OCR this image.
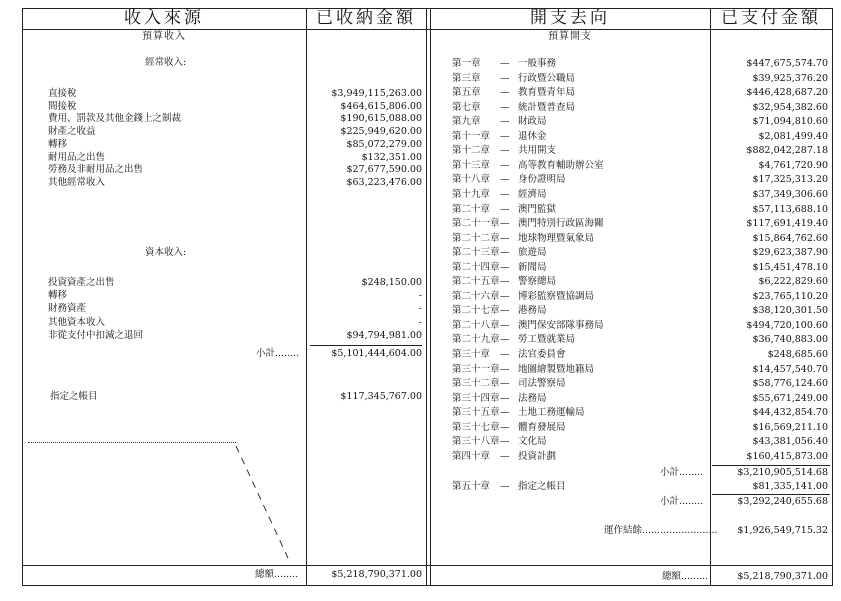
收入來源	已收納金額	開支去向	已支付金額
預算收入	預算開支
經常收入:
直接稅	$3,949,115,263.00
間接稅	$464,615,806.00
費用、罰款及其他金錢上之制裁	$190,615,088.00
財產之收益	$225,949,620.00
轉移	$85,072,279.00
耐用品之出售	$132,351.00
勞務及非耐用品之出售	$27,677,590.00
其他經常收入	$63,223,476.00
資本收入:
投資資產之出售	$248,150.00
轉移	-
財務資產	-
其他資本收入	-
非從支付中扣減之退回	$94,794,981.00
小計........	$5,101,444,604.00
指定之帳目	$117,345,767.00
總額........	$5,218,790,371.00
第一章 — 一般事務	$447,675,574.70
第三章 — 行政暨公職局	$39,925,376.20
第五章 — 教育暨青年局	$446,428,687.20
第七章 — 統計暨普查局	$32,954,382.60
第九章 — 財政局	$71,094,810.60
第十一章 — 退休金	$2,081,499.40
第十二章 — 共用開支	$882,042,287.18
第十三章 — 高等教育輔助辦公室	$4,761,720.90
第十八章 — 身份證明局	$17,325,313.20
第十九章 — 經濟局	$37,349,306.60
第二十章 — 澳門監獄	$57,113,688.10
第二十一章— 澳門特別行政區海關	$117,691,419.40
第二十二章— 地球物理暨氣象局	$15,864,762.60
第二十三章— 旅遊局	$29,623,387.90
第二十四章— 新聞局	$15,451,478.10
第二十五章— 警察總局	$6,222,829.60
第二十六章— 博彩監察暨協調局	$23,765,110.20
第二十七章— 港務局	$38,120,301.50
第二十八章— 澳門保安部隊事務局	$494,720,100.60
第二十九章— 勞工暨就業局	$36,740,883.00
第三十章 — 法官委員會	$248,685.60
第三十一章— 地圖繪製暨地籍局	$14,457,540.70
第三十二章— 司法警察局	$58,776,124.60
第三十四章— 法務局	$55,671,249.00
第三十五章— 土地工務運輸局	$44,432,854.70
第三十七章— 體育發展局	$16,569,211.10
第三十八章— 文化局	$43,381,056.40
第四十章 — 投資計劃	$160,415,873.00
小計........	$3,210,905,514.68
第五十章 — 指定之帳目	$81,335,141.00
小計........	$3,292,240,655.68
運作結餘.........................	$1,926,549,715.32
總額.........	$5,218,790,371.00
